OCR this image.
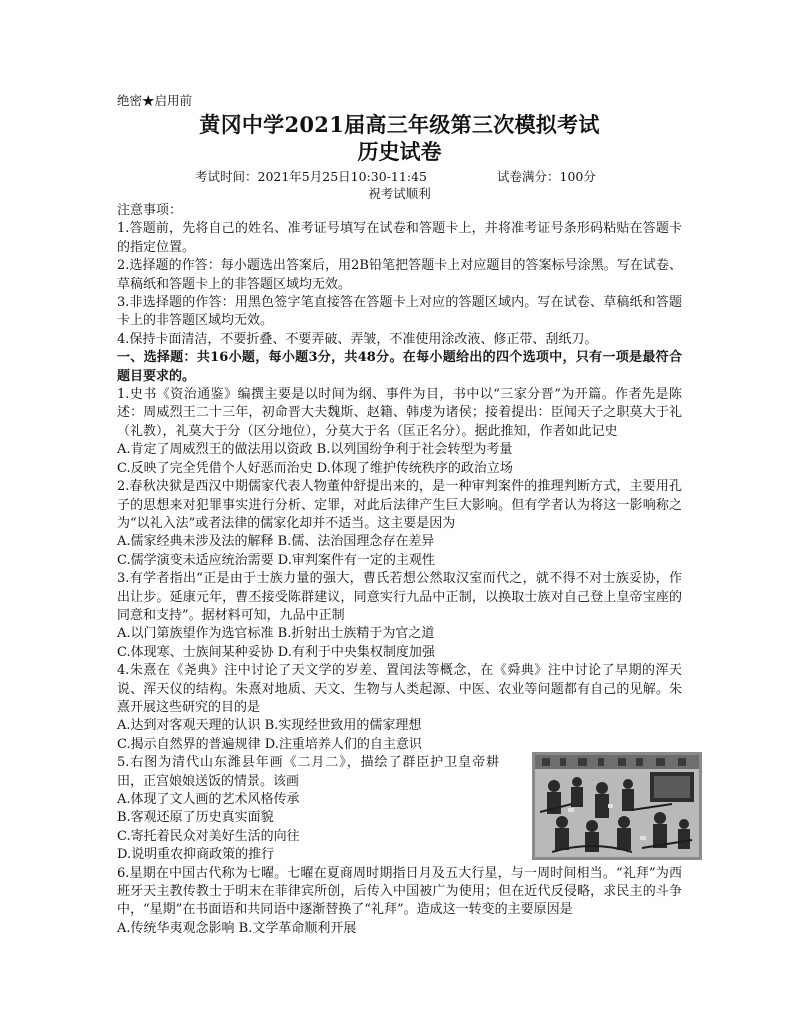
绝密★启用前
黄冈中学2021届高三年级第三次模拟考试
历史试卷
考试时间：2021年5月25日10:30-11:45	试卷满分：100分
祝考试顺利

注意事项：

1.答题前，先将自己的姓名、准考证号填写在试卷和答题卡上，并将准考证号条形码粘贴在答题卡的指定位置。

2.选择题的作答：每小题选出答案后，用2B铅笔把答题卡上对应题目的答案标号涂黑。写在试卷、草稿纸和答题卡上的非答题区域均无效。

3.非选择题的作答：用黑色签字笔直接答在答题卡上对应的答题区域内。写在试卷、草稿纸和答题卡上的非答题区域均无效。

4.保持卡面清洁，不要折叠、不要弄破、弄皱，不准使用涂改液、修正带、刮纸刀。

一、选择题：共16小题，每小题3分，共48分。在每小题给出的四个选项中，只有一项是最符合题目要求的。

1.史书《资治通鉴》编撰主要是以时间为纲、事件为目，书中以“三家分晋”为开篇。作者先是陈述：周威烈王二十三年，初命晋大夫魏斯、赵籍、韩虔为诸侯；接着提出：臣闻天子之职莫大于礼（礼教），礼莫大于分（区分地位），分莫大于名（匡正名分）。据此推知，作者如此记史

A.肯定了周威烈王的做法用以资政 B.以列国纷争利于社会转型为考量

C.反映了完全凭借个人好恶而治史 D.体现了维护传统秩序的政治立场

2.春秋决狱是西汉中期儒家代表人物董仲舒提出来的，是一种审判案件的推理判断方式，主要用孔子的思想来对犯罪事实进行分析、定罪，对此后法律产生巨大影响。但有学者认为将这一影响称之为“以礼入法”或者法律的儒家化却并不适当。这主要是因为

A.儒家经典未涉及法的解释 B.儒、法治国理念存在差异

C.儒学演变未适应统治需要 D.审判案件有一定的主观性

3.有学者指出“正是由于士族力量的强大，曹氏若想公然取汉室而代之，就不得不对士族妥协，作出让步。延康元年，曹丕接受陈群建议，同意实行九品中正制，以换取士族对自己登上皇帝宝座的同意和支持”。据材料可知，九品中正制

A.以门第族望作为选官标准 B.折射出士族精于为官之道

C.体现寒、士族间某种妥协 D.有利于中央集权制度加强

4.朱熹在《尧典》注中讨论了天文学的岁差、置闰法等概念，在《舜典》注中讨论了早期的浑天说、浑天仪的结构。朱熹对地质、天文、生物与人类起源、中医、农业等问题都有自己的见解。朱熹开展这些研究的目的是

A.达到对客观天理的认识 B.实现经世致用的儒家理想

C.揭示自然界的普遍规律 D.注重培养人们的自主意识

5.右图为清代山东潍县年画《二月二》，描绘了群臣护卫皇帝耕田，正宫娘娘送饭的情景。该画

A.体现了文人画的艺术风格传承

B.客观还原了历史真实面貌

C.寄托着民众对美好生活的向往

D.说明重农抑商政策的推行

6.星期在中国古代称为七曜。七曜在夏商周时期指日月及五大行星，与一周时间相当。“礼拜”为西班牙天主教传教士于明末在菲律宾所创，后传入中国被广为使用；但在近代反侵略，求民主的斗争中，“星期”在书面语和共同语中逐渐替换了“礼拜”。造成这一转变的主要原因是

A.传统华夷观念影响 B.文学革命顺利开展
